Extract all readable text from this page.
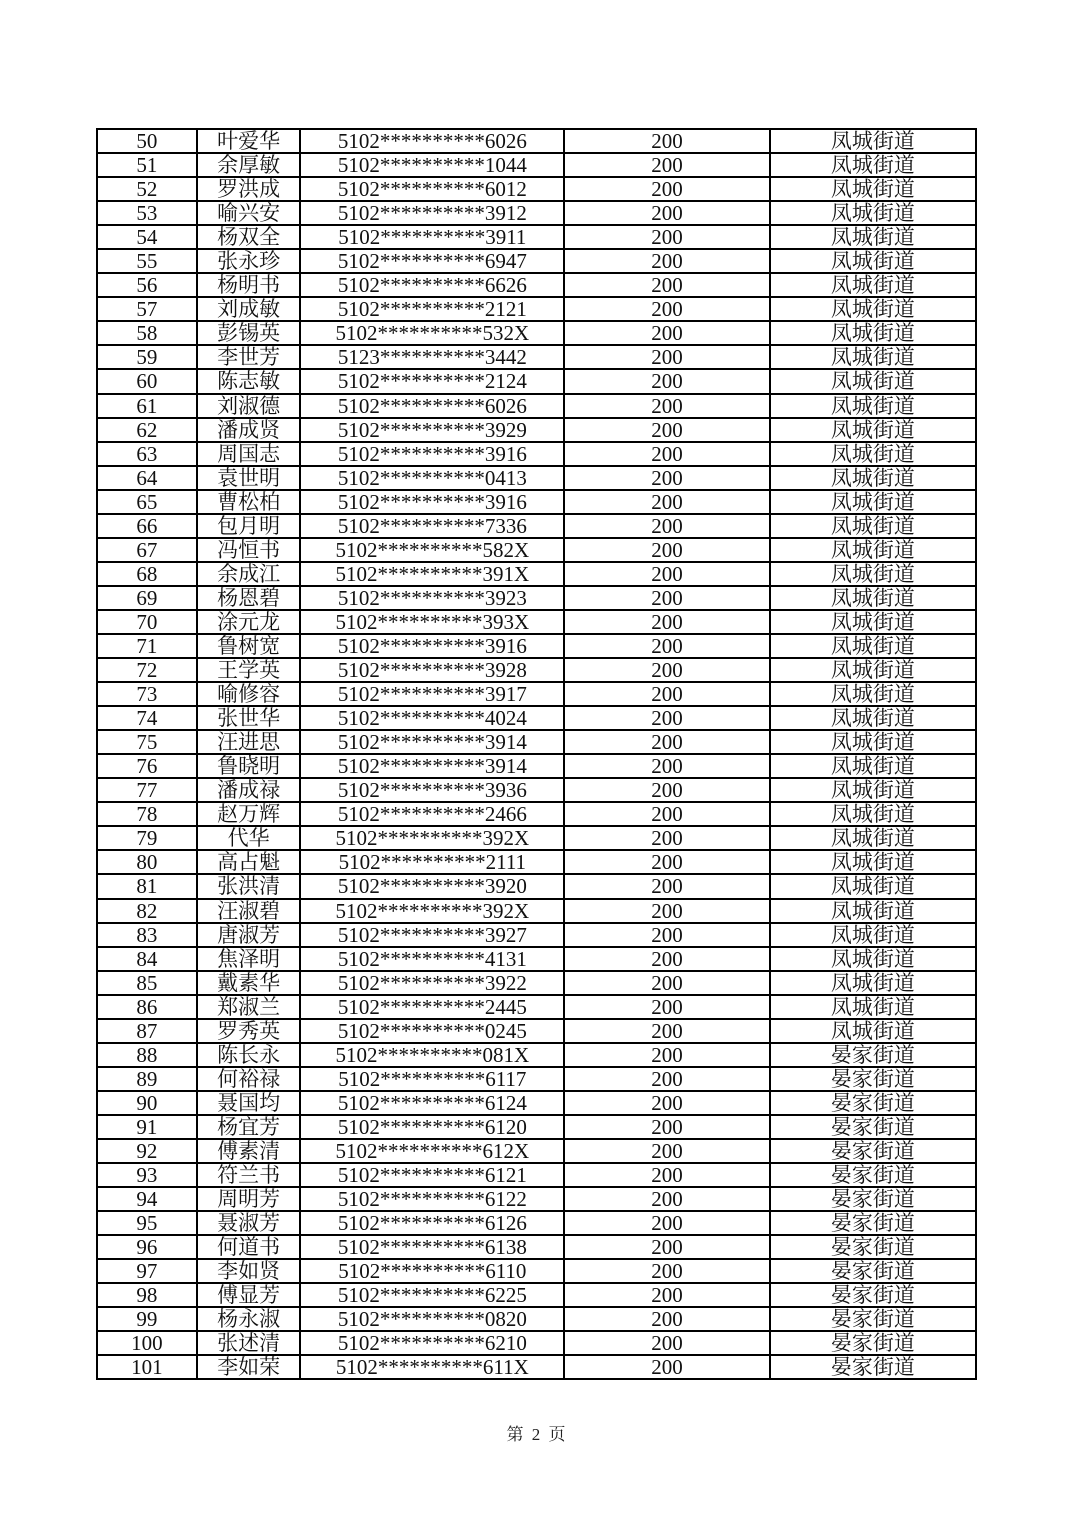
50	叶爱华	5102**********6026	200	凤城街道
51	余厚敏	5102**********1044	200	凤城街道
52	罗洪成	5102**********6012	200	凤城街道
53	喻兴安	5102**********3912	200	凤城街道
54	杨双全	5102**********3911	200	凤城街道
55	张永珍	5102**********6947	200	凤城街道
56	杨明书	5102**********6626	200	凤城街道
57	刘成敏	5102**********2121	200	凤城街道
58	彭锡英	5102**********532X	200	凤城街道
59	李世芳	5123**********3442	200	凤城街道
60	陈志敏	5102**********2124	200	凤城街道
61	刘淑德	5102**********6026	200	凤城街道
62	潘成贤	5102**********3929	200	凤城街道
63	周国志	5102**********3916	200	凤城街道
64	袁世明	5102**********0413	200	凤城街道
65	曹松柏	5102**********3916	200	凤城街道
66	包月明	5102**********7336	200	凤城街道
67	冯恒书	5102**********582X	200	凤城街道
68	余成江	5102**********391X	200	凤城街道
69	杨恩碧	5102**********3923	200	凤城街道
70	涂元龙	5102**********393X	200	凤城街道
71	鲁树宽	5102**********3916	200	凤城街道
72	王学英	5102**********3928	200	凤城街道
73	喻修容	5102**********3917	200	凤城街道
74	张世华	5102**********4024	200	凤城街道
75	汪进思	5102**********3914	200	凤城街道
76	鲁晓明	5102**********3914	200	凤城街道
77	潘成禄	5102**********3936	200	凤城街道
78	赵万辉	5102**********2466	200	凤城街道
79	代华	5102**********392X	200	凤城街道
80	高占魁	5102**********2111	200	凤城街道
81	张洪清	5102**********3920	200	凤城街道
82	汪淑碧	5102**********392X	200	凤城街道
83	唐淑芳	5102**********3927	200	凤城街道
84	焦泽明	5102**********4131	200	凤城街道
85	戴素华	5102**********3922	200	凤城街道
86	郑淑兰	5102**********2445	200	凤城街道
87	罗秀英	5102**********0245	200	凤城街道
88	陈长永	5102**********081X	200	晏家街道
89	何裕禄	5102**********6117	200	晏家街道
90	聂国均	5102**********6124	200	晏家街道
91	杨宜芳	5102**********6120	200	晏家街道
92	傅素清	5102**********612X	200	晏家街道
93	符兰书	5102**********6121	200	晏家街道
94	周明芳	5102**********6122	200	晏家街道
95	聂淑芳	5102**********6126	200	晏家街道
96	何道书	5102**********6138	200	晏家街道
97	李如贤	5102**********6110	200	晏家街道
98	傅显芳	5102**********6225	200	晏家街道
99	杨永淑	5102**********0820	200	晏家街道
100	张述清	5102**********6210	200	晏家街道
101	李如荣	5102**********611X	200	晏家街道
第 2 页
